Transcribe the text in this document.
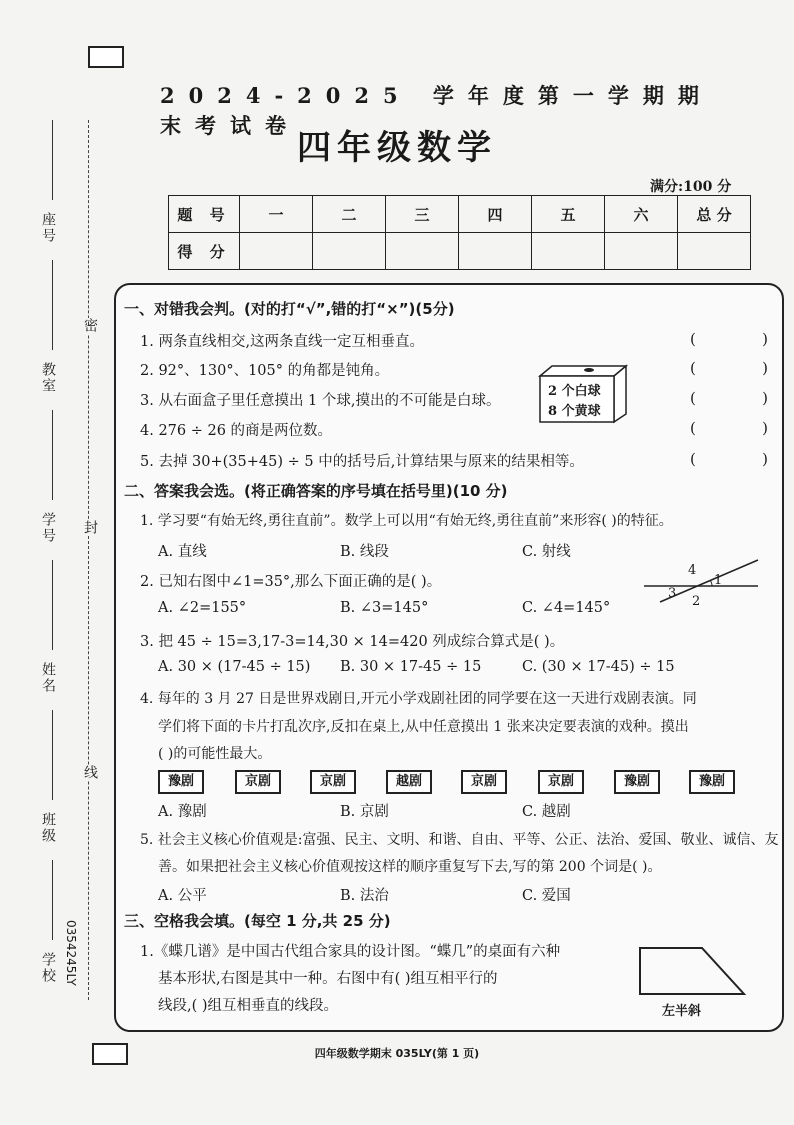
座号
教室
学号
姓名
班级
学校
密
封
线
0354245LY
2024-2025 学年度第一学期期末考试卷
四年级数学
满分:100 分
题 号	一	二	三	四	五	六	总 分
得 分							
一、对错我会判。(对的打“√”,错的打“×”)(5分)
1. 两条直线相交,这两条直线一定互相垂直。
2. 92°、130°、105° 的角都是钝角。
3. 从右面盒子里任意摸出 1 个球,摸出的不可能是白球。
4. 276 ÷ 26 的商是两位数。
5. 去掉 30+(35+45) ÷ 5 中的括号后,计算结果与原来的结果相等。
(	)
(	)
(	)
(	)
(	)
2 个白球
8 个黄球
二、答案我会选。(将正确答案的序号填在括号里)(10 分)
1. 学习要“有始无终,勇往直前”。数学上可以用“有始无终,勇往直前”来形容( )的特征。
A. 直线	B. 线段	C. 射线
2. 已知右图中∠1=35°,那么下面正确的是( )。
A. ∠2=155°	B. ∠3=145°	C. ∠4=145°
4
1
3
2
3. 把 45 ÷ 15=3,17-3=14,30 × 14=420 列成综合算式是( )。
A. 30 × (17-45 ÷ 15) B. 30 × 17-45 ÷ 15	C. (30 × 17-45) ÷ 15
4. 每年的 3 月 27 日是世界戏剧日,开元小学戏剧社团的同学要在这一天进行戏剧表演。同
学们将下面的卡片打乱次序,反扣在桌上,从中任意摸出 1 张来决定要表演的戏种。摸出
( )的可能性最大。
豫剧	京剧	京剧	越剧	京剧	京剧	豫剧	豫剧
A. 豫剧	B. 京剧	C. 越剧
5. 社会主义核心价值观是:富强、民主、文明、和谐、自由、平等、公正、法治、爱国、敬业、诚信、友
善。如果把社会主义核心价值观按这样的顺序重复写下去,写的第 200 个词是( )。
A. 公平	B. 法治	C. 爱国
三、空格我会填。(每空 1 分,共 25 分)
1.《蝶几谱》是中国古代组合家具的设计图。“蝶几”的桌面有六种
基本形状,右图是其中一种。右图中有( )组互相平行的
线段,( )组互相垂直的线段。	左半斜
四年级数学期末 035LY(第 1 页)
